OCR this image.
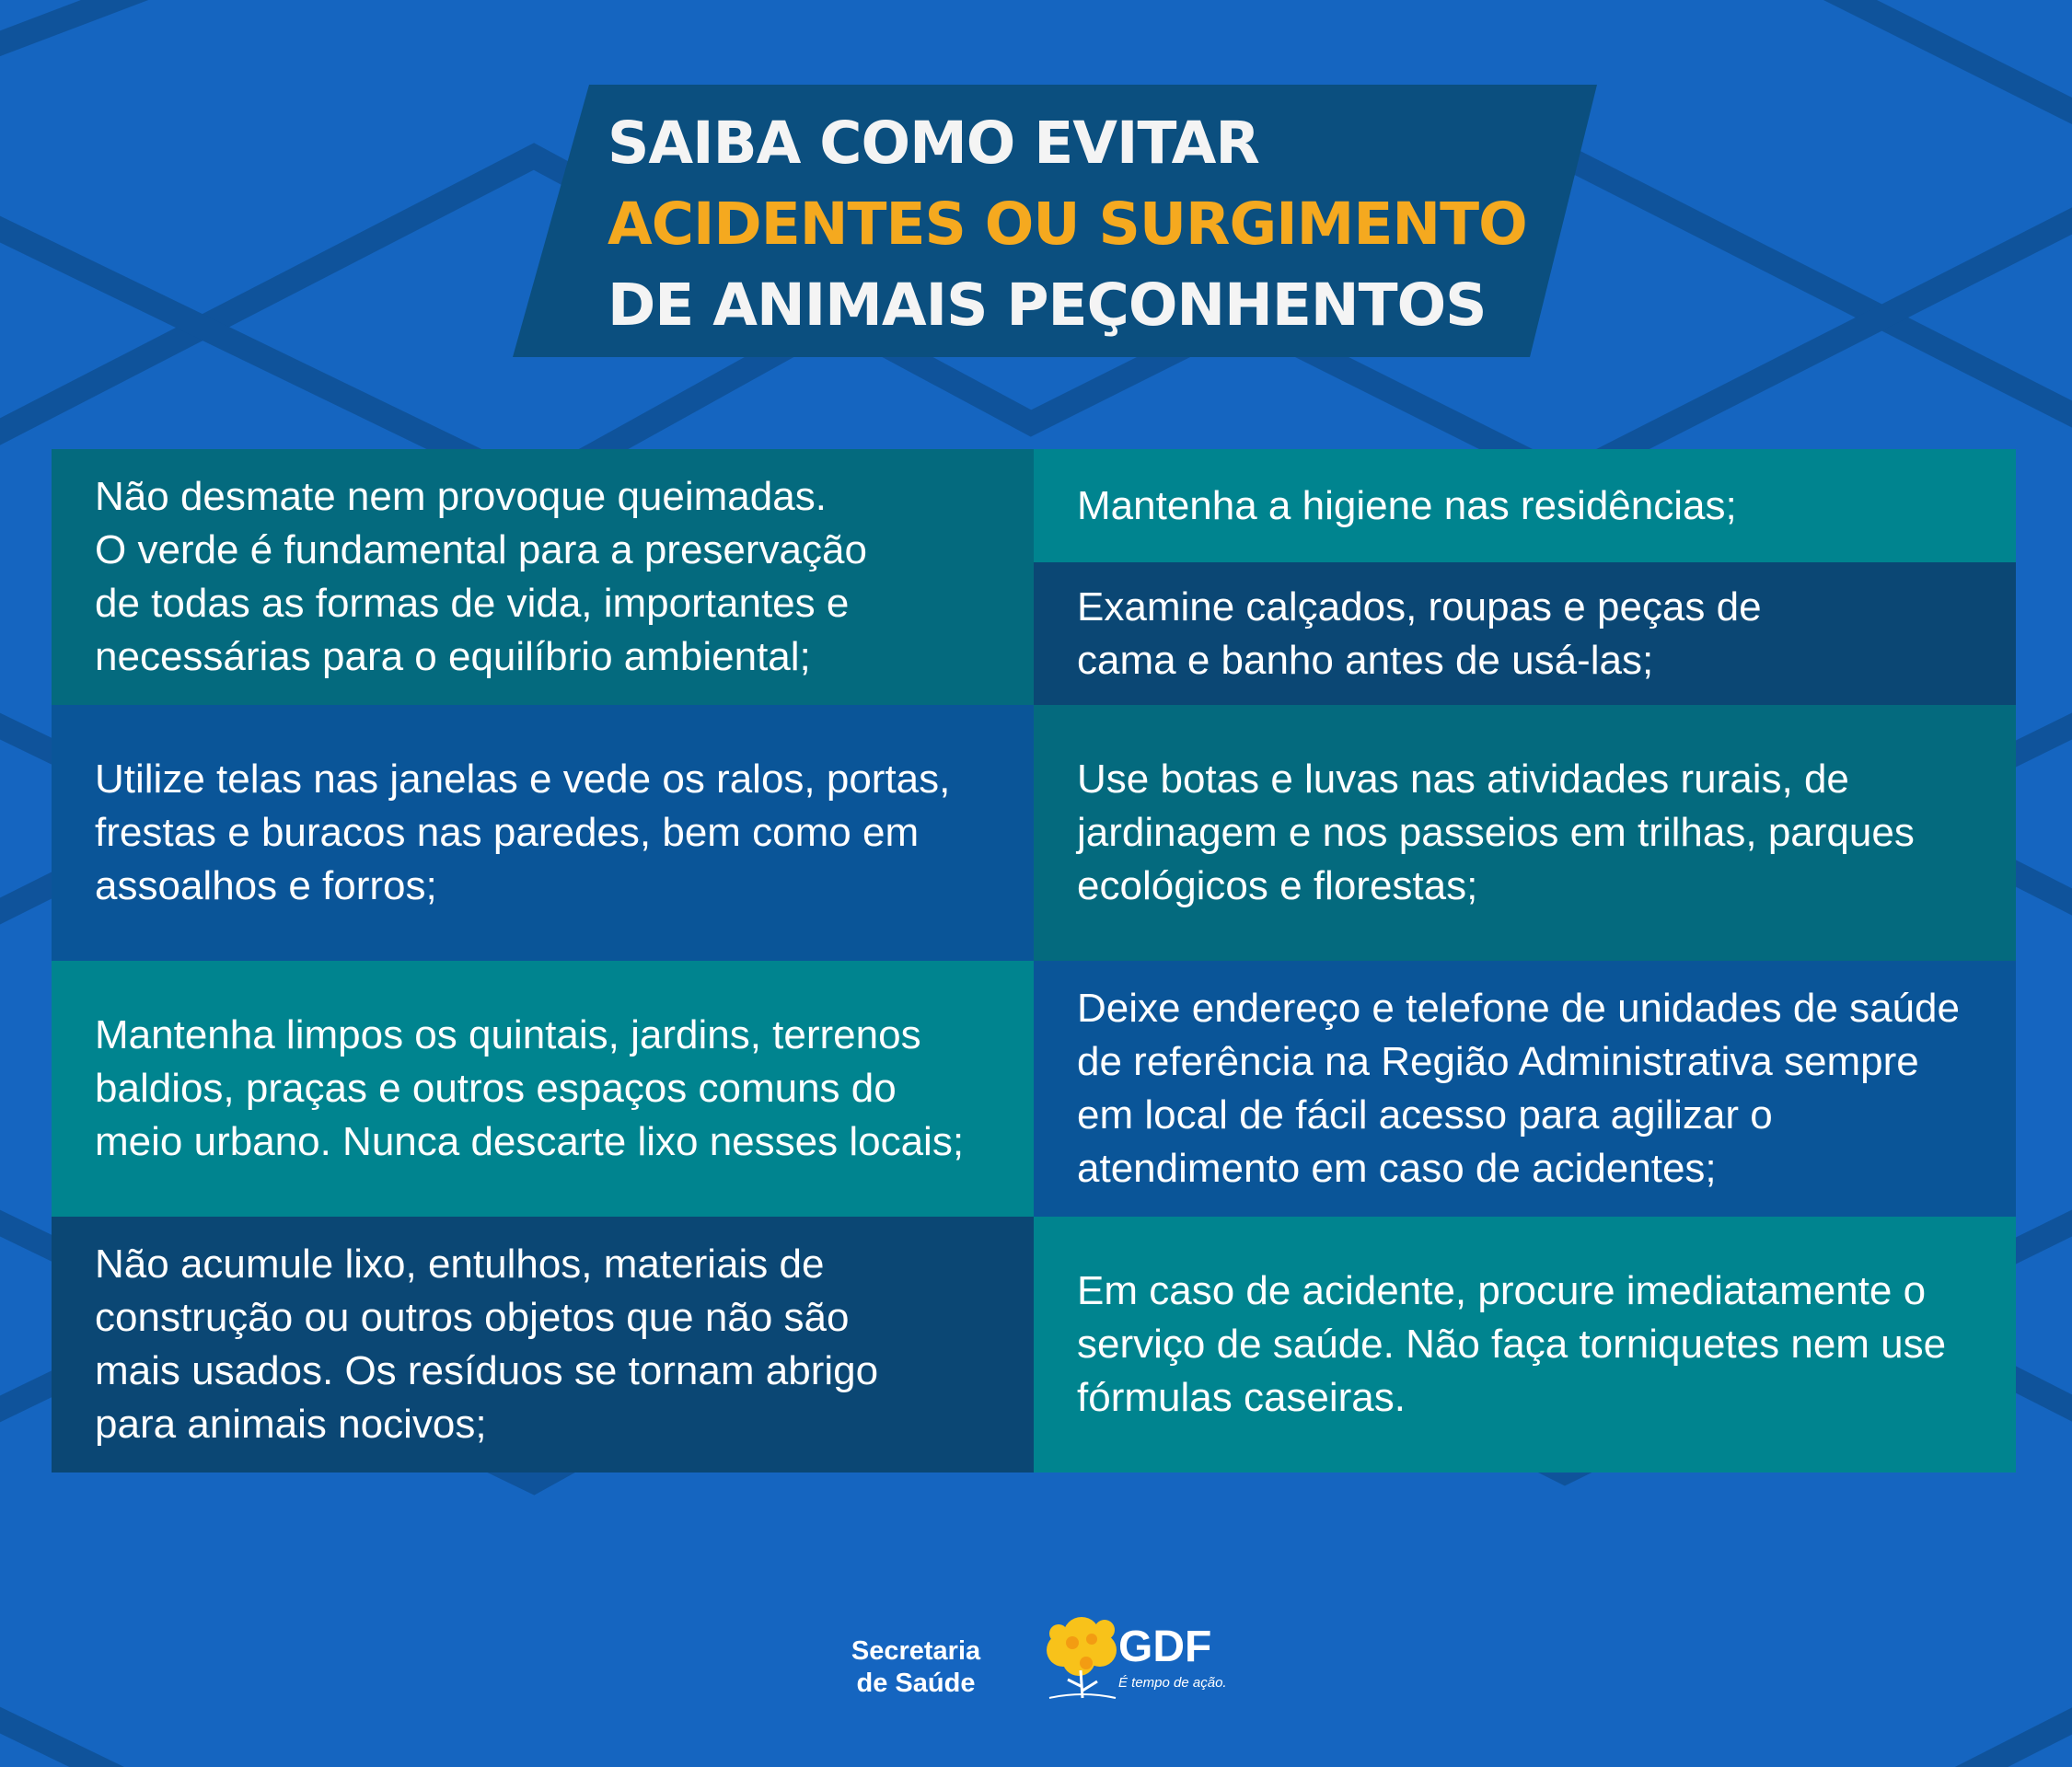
SAIBA COMO EVITAR
ACIDENTES OU SURGIMENTO
DE ANIMAIS PEÇONHENTOS
Não desmate nem provoque queimadas.
O verde é fundamental para a preservação
de todas as formas de vida, importantes e
necessárias para o equilíbrio ambiental;
Mantenha a higiene nas residências;
Examine calçados, roupas e peças de
cama e banho antes de usá-las;
Utilize telas nas janelas e vede os ralos, portas,
frestas e buracos nas paredes, bem como em
assoalhos e forros;
Use botas e luvas nas atividades rurais, de
jardinagem e nos passeios em trilhas, parques
ecológicos e florestas;
Mantenha limpos os quintais, jardins, terrenos
baldios, praças e outros espaços comuns do
meio urbano. Nunca descarte lixo nesses locais;
Deixe endereço e telefone de unidades de saúde
de referência na Região Administrativa sempre
em local de fácil acesso para agilizar o
atendimento em caso de acidentes;
Não acumule lixo, entulhos, materiais de
construção ou outros objetos que não são
mais usados. Os resíduos se tornam abrigo
para animais nocivos;
Em caso de acidente, procure imediatamente o
serviço de saúde. Não faça torniquetes nem use
fórmulas caseiras.
Secretaria
de Saúde
GDF
É tempo de ação.
